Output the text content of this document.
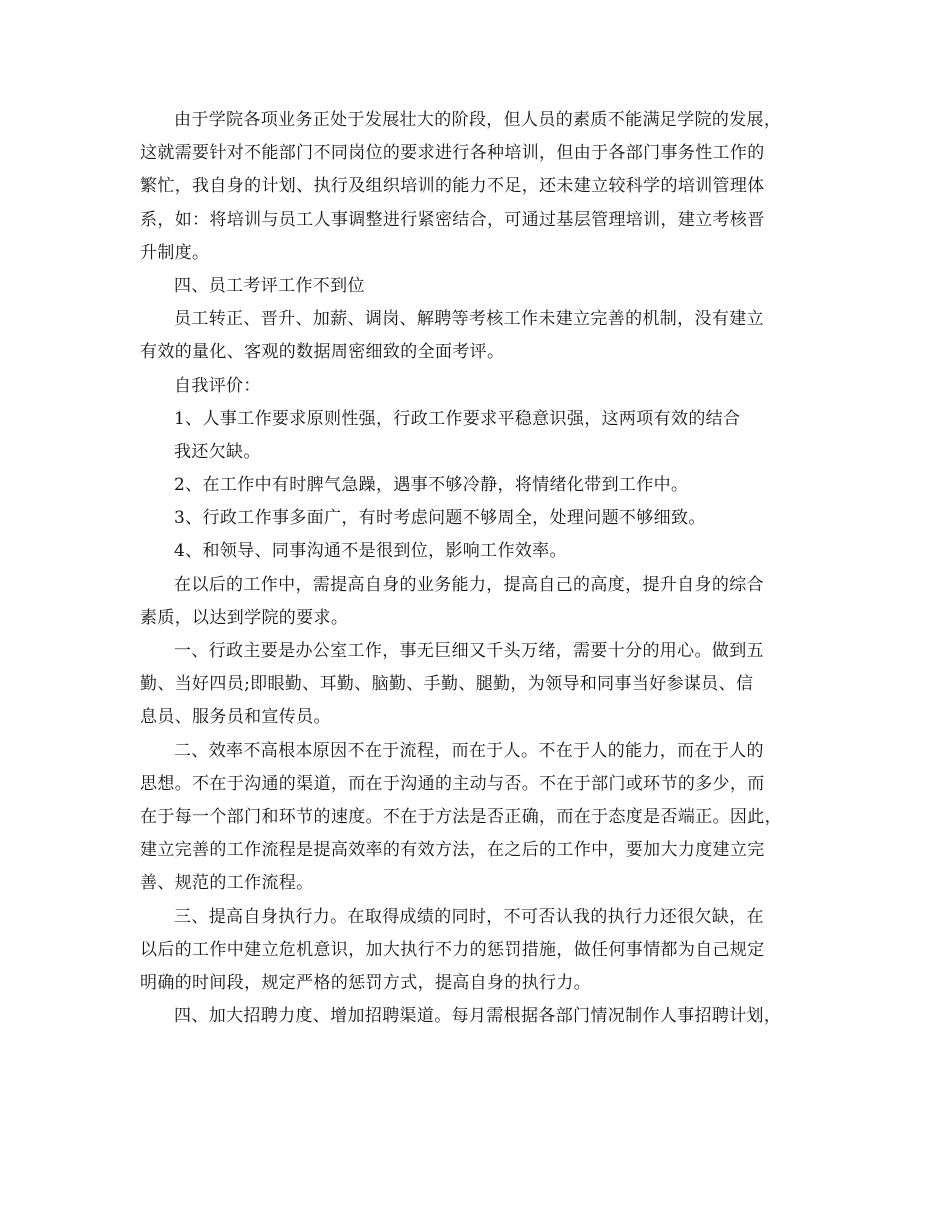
由于学院各项业务正处于发展壮大的阶段，但人员的素质不能满足学院的发展，
这就需要针对不能部门不同岗位的要求进行各种培训，但由于各部门事务性工作的
繁忙，我自身的计划、执行及组织培训的能力不足，还未建立较科学的培训管理体
系，如：将培训与员工人事调整进行紧密结合，可通过基层管理培训，建立考核晋
升制度。
四、员工考评工作不到位
员工转正、晋升、加薪、调岗、解聘等考核工作未建立完善的机制，没有建立
有效的量化、客观的数据周密细致的全面考评。
自我评价：
1、人事工作要求原则性强，行政工作要求平稳意识强，这两项有效的结合
我还欠缺。
2、在工作中有时脾气急躁，遇事不够冷静，将情绪化带到工作中。
3、行政工作事多面广，有时考虑问题不够周全，处理问题不够细致。
4、和领导、同事沟通不是很到位，影响工作效率。
在以后的工作中，需提高自身的业务能力，提高自己的高度，提升自身的综合
素质，以达到学院的要求。
一、行政主要是办公室工作，事无巨细又千头万绪，需要十分的用心。做到五
勤、当好四员;即眼勤、耳勤、脑勤、手勤、腿勤，为领导和同事当好参谋员、信
息员、服务员和宣传员。
二、效率不高根本原因不在于流程，而在于人。不在于人的能力，而在于人的
思想。不在于沟通的渠道，而在于沟通的主动与否。不在于部门或环节的多少，而
在于每一个部门和环节的速度。不在于方法是否正确，而在于态度是否端正。因此，
建立完善的工作流程是提高效率的有效方法，在之后的工作中，要加大力度建立完
善、规范的工作流程。
三、提高自身执行力。在取得成绩的同时，不可否认我的执行力还很欠缺，在
以后的工作中建立危机意识，加大执行不力的惩罚措施，做任何事情都为自己规定
明确的时间段，规定严格的惩罚方式，提高自身的执行力。
四、加大招聘力度、增加招聘渠道。每月需根据各部门情况制作人事招聘计划，
